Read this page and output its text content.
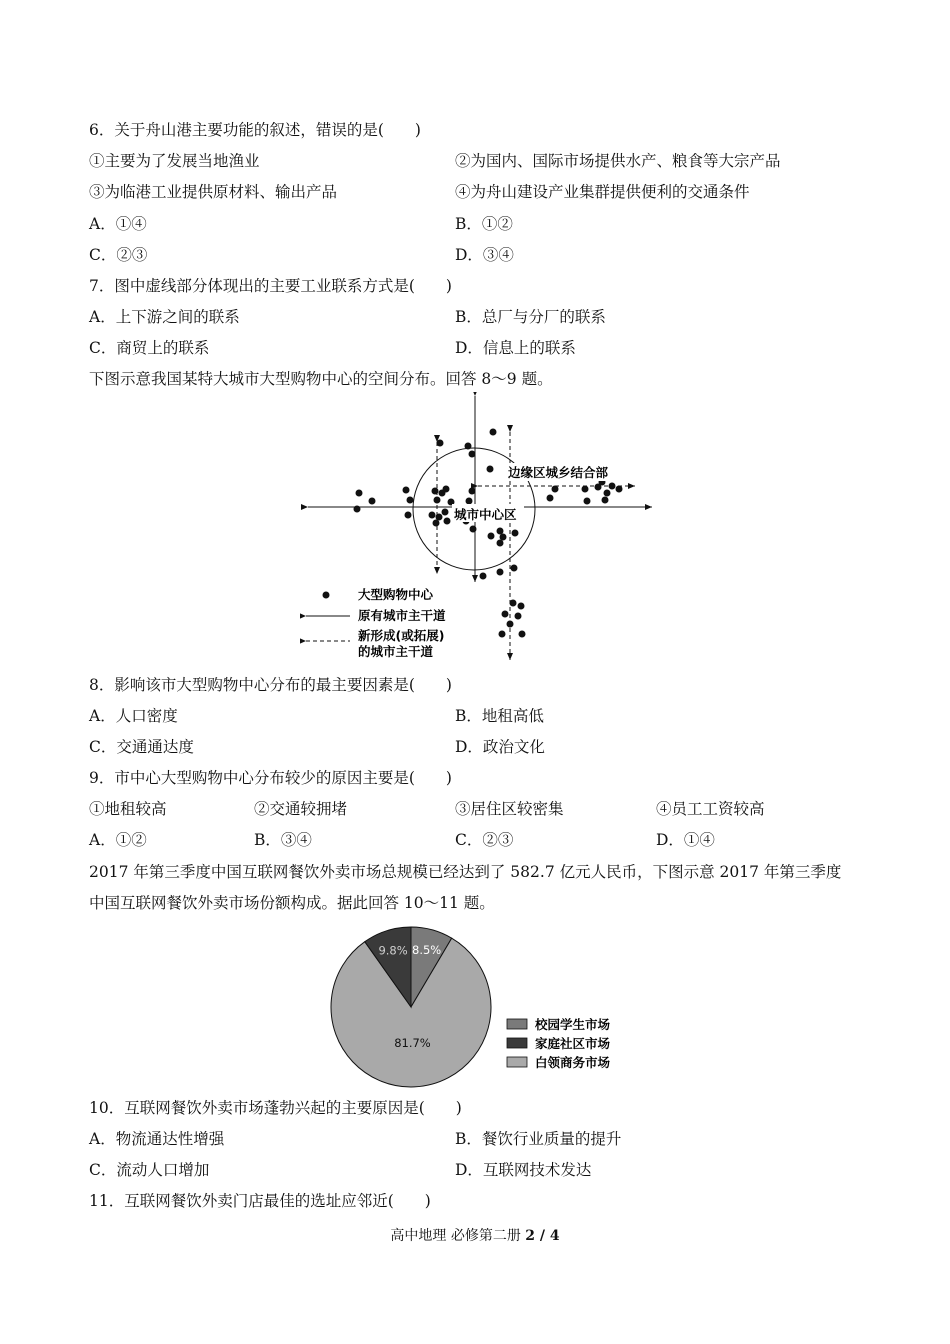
6．关于舟山港主要功能的叙述，错误的是(　　)
①主要为了发展当地渔业	②为国内、国际市场提供水产、粮食等大宗产品
③为临港工业提供原材料、输出产品	④为舟山建设产业集群提供便利的交通条件
A．①④	B．①②
C．②③	D．③④
7．图中虚线部分体现出的主要工业联系方式是(　　)
A．上下游之间的联系	B．总厂与分厂的联系
C．商贸上的联系	D．信息上的联系
下图示意我国某特大城市大型购物中心的空间分布。回答 8～9 题。
边缘区城乡结合部
城市中心区
大型购物中心
原有城市主干道
新形成(或拓展)
的城市主干道
8．影响该市大型购物中心分布的最主要因素是(　　)
A．人口密度	B．地租高低
C．交通通达度	D．政治文化
9．市中心大型购物中心分布较少的原因主要是(　　)
①地租较高	②交通较拥堵	③居住区较密集	④员工工资较高
A．①②	B．③④	C．②③	D．①④
2017 年第三季度中国互联网餐饮外卖市场总规模已经达到了 582.7 亿元人民币，下图示意 2017 年第三季度
中国互联网餐饮外卖市场份额构成。据此回答 10～11 题。
8.5%
9.8%
81.7%
校园学生市场
家庭社区市场
白领商务市场
10．互联网餐饮外卖市场蓬勃兴起的主要原因是(　　)
A．物流通达性增强	B．餐饮行业质量的提升
C．流动人口增加	D．互联网技术发达
11．互联网餐饮外卖门店最佳的选址应邻近(　　)
高中地理 必修第二册 2 / 4
